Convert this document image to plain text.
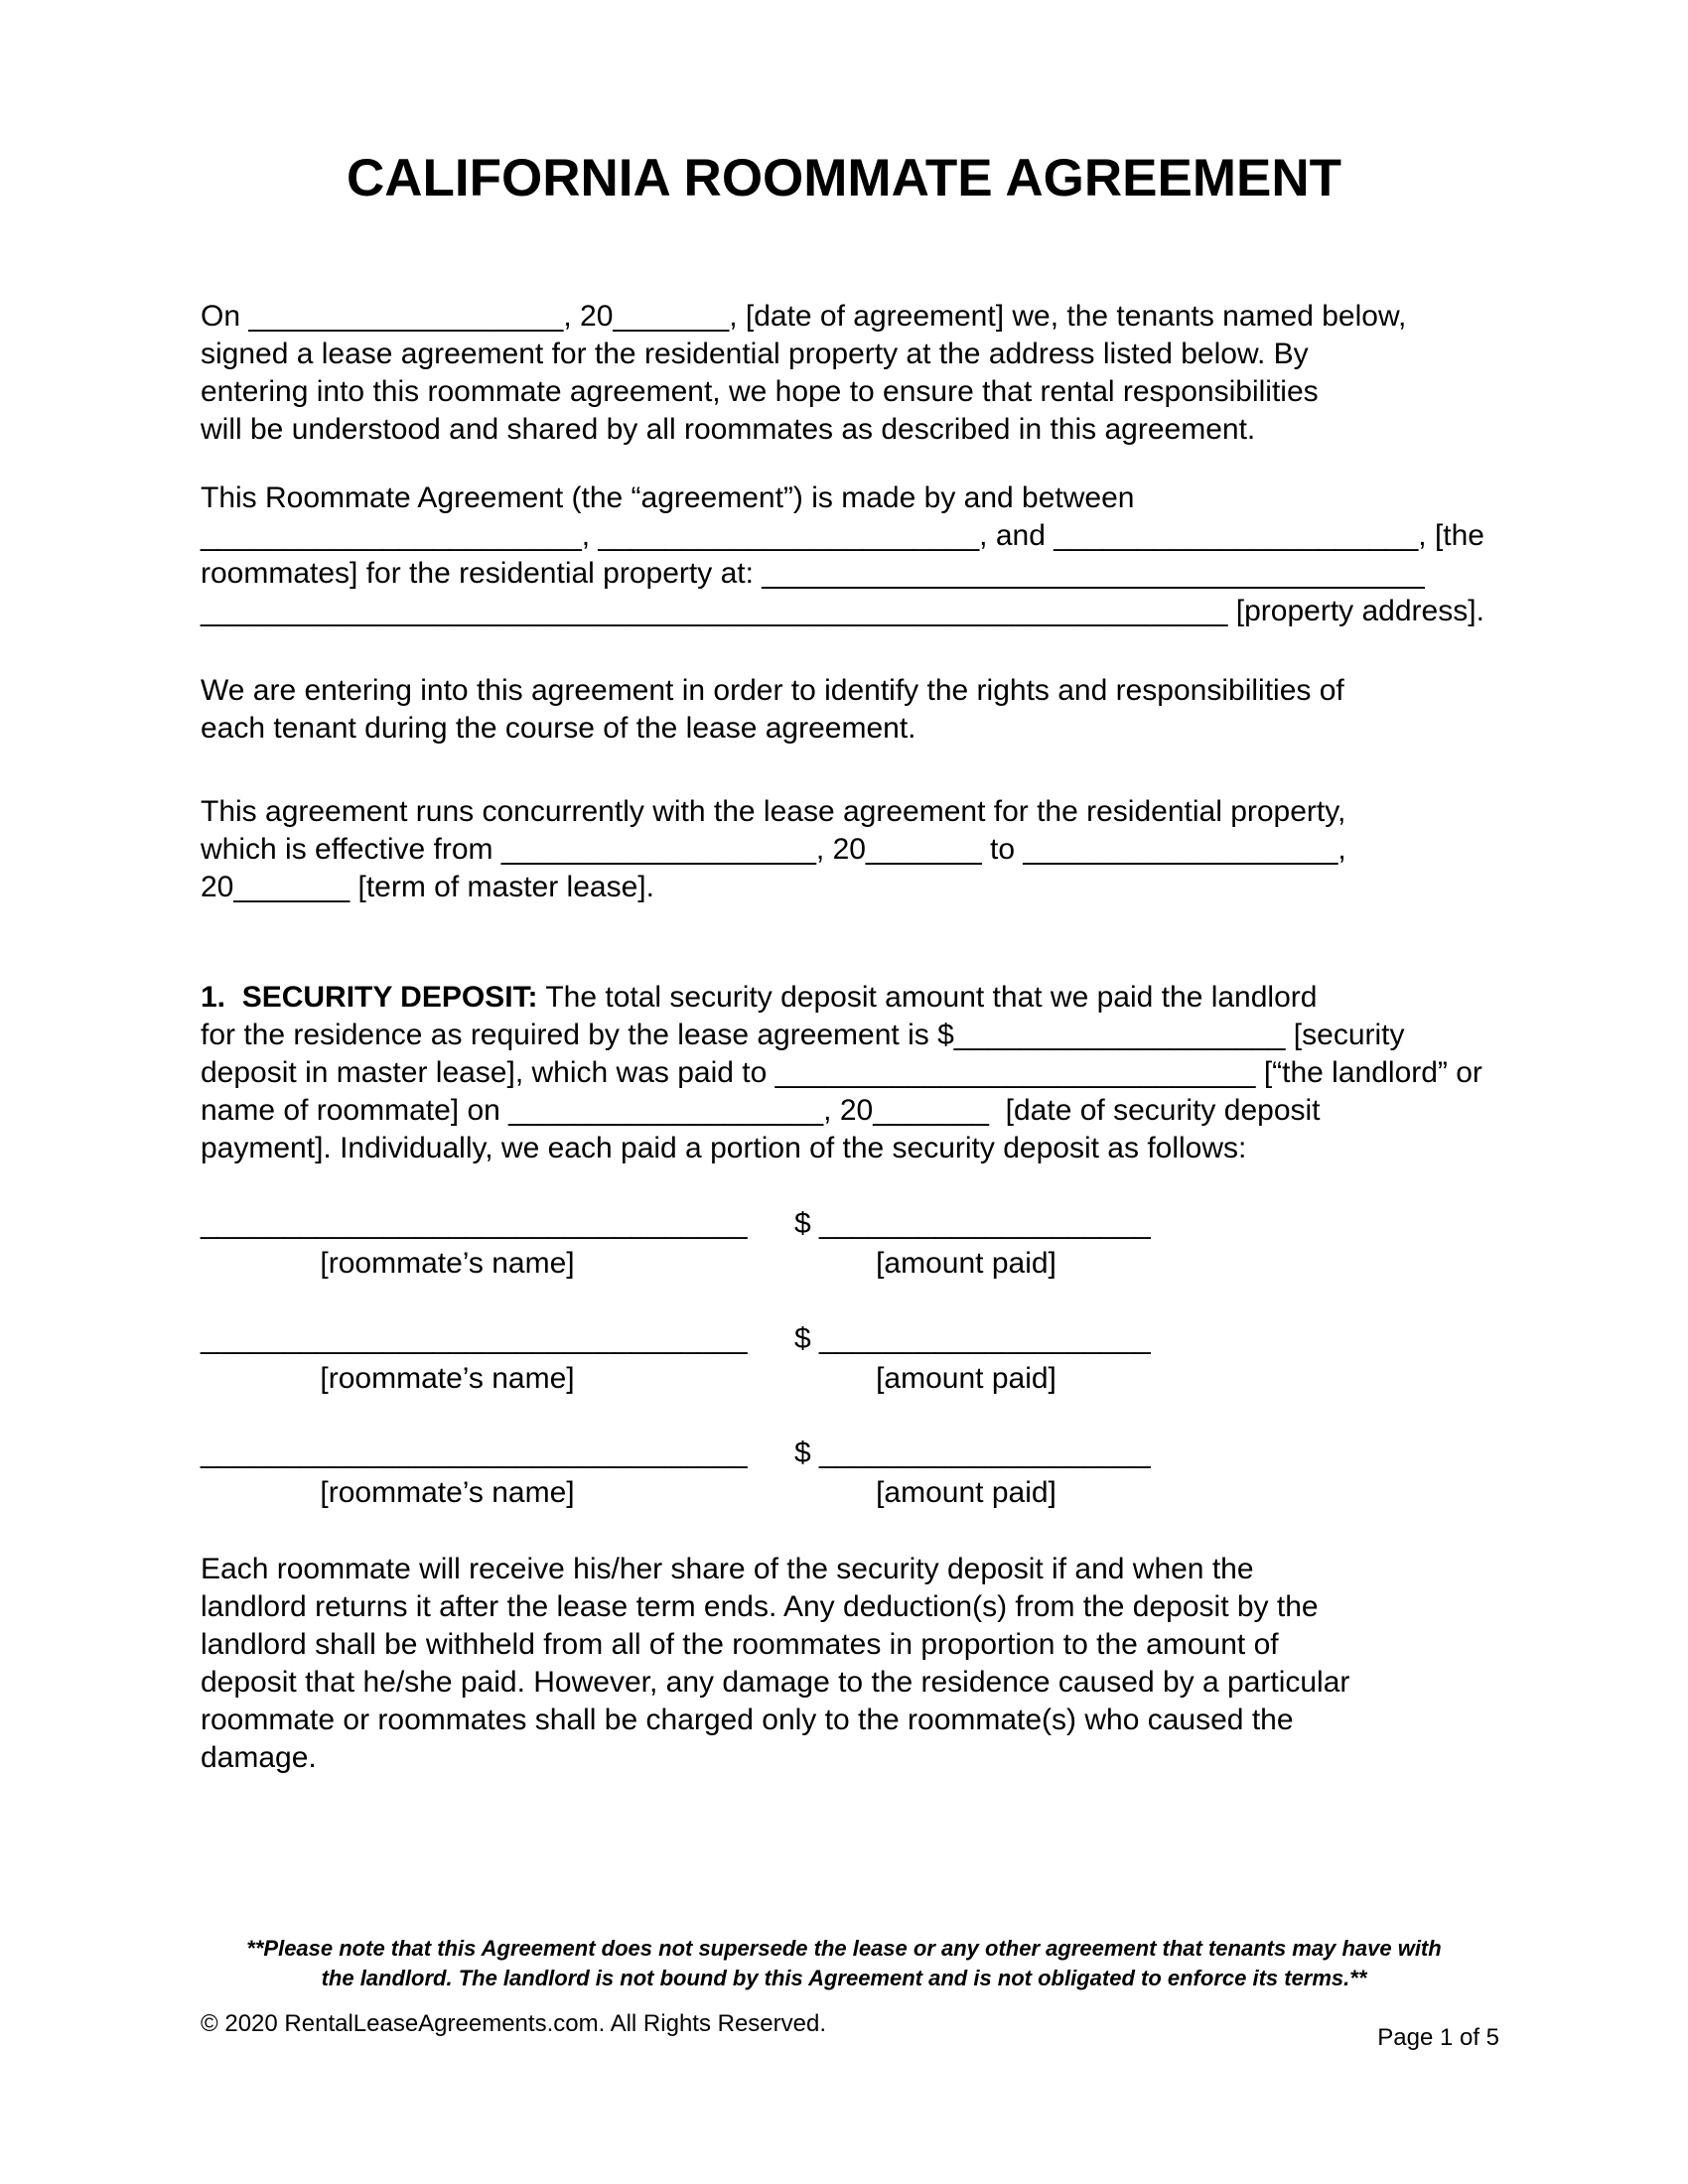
CALIFORNIA ROOMMATE AGREEMENT
On ___________________, 20_______, [date of agreement] we, the tenants named below,
signed a lease agreement for the residential property at the address listed below. By
entering into this roommate agreement, we hope to ensure that rental responsibilities
will be understood and shared by all roommates as described in this agreement.
This Roommate Agreement (the “agreement”) is made by and between
_______________________, _______________________, and ______________________, [the
roommates] for the residential property at: ________________________________________
______________________________________________________________ [property address].
We are entering into this agreement in order to identify the rights and responsibilities of
each tenant during the course of the lease agreement.
This agreement runs concurrently with the lease agreement for the residential property,
which is effective from ___________________, 20_______ to ___________________,
20_______ [term of master lease].
1.  SECURITY DEPOSIT: The total security deposit amount that we paid the landlord
for the residence as required by the lease agreement is $____________________ [security
deposit in master lease], which was paid to _____________________________ [“the landlord” or
name of roommate] on ___________________, 20_______  [date of security deposit
payment]. Individually, we each paid a portion of the security deposit as follows:
_________________________________
[roommate’s name]
$ ____________________
[amount paid]
_________________________________
[roommate’s name]
$ ____________________
[amount paid]
_________________________________
[roommate’s name]
$ ____________________
[amount paid]
Each roommate will receive his/her share of the security deposit if and when the
landlord returns it after the lease term ends. Any deduction(s) from the deposit by the
landlord shall be withheld from all of the roommates in proportion to the amount of
deposit that he/she paid. However, any damage to the residence caused by a particular
roommate or roommates shall be charged only to the roommate(s) who caused the
damage.
**Please note that this Agreement does not supersede the lease or any other agreement that tenants may have with
the landlord. The landlord is not bound by this Agreement and is not obligated to enforce its terms.**
© 2020 RentalLeaseAgreements.com. All Rights Reserved.
Page 1 of 5
